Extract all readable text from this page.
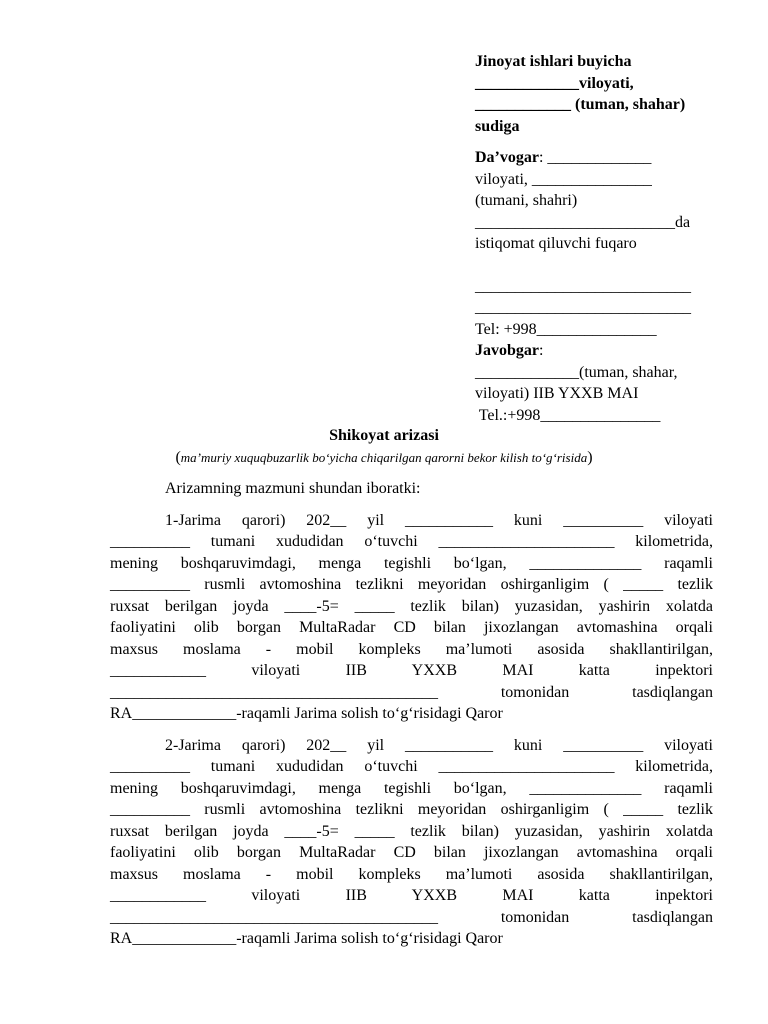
Jinoyat ishlari buyicha
_____________viloyati,
____________ (tuman, shahar)
sudiga
Da’vogar: _____________
viloyati, _______________
(tumani, shahri)
_________________________da
istiqomat qiluvchi fuqaro
___________________________
___________________________
Tel: +998_______________
Javobgar:
_____________(tuman, shahar,
viloyati) IIB YXXB MAI
Tel.:+998_______________
Shikoyat arizasi
(ma’muriy xuquqbuzarlik bo‘yicha chiqarilgan qarorni bekor kilish to‘g‘risida)

Arizamning mazmuni shundan iboratki:

1-Jarima qarori) 202__ yil ___________ kuni __________ viloyati
__________ tumani xududidan o‘tuvchi ______________________ kilometrida,
mening boshqaruvimdagi, menga tegishli bo‘lgan, ______________ raqamli
__________ rusmli avtomoshina tezlikni meyoridan oshirganligim ( _____ tezlik
ruxsat berilgan joyda ____-5= _____ tezlik bilan) yuzasidan, yashirin xolatda
faoliyatini olib borgan MultaRadar CD bilan jixozlangan avtomashina orqali
maxsus moslama - mobil kompleks ma’lumoti asosida shakllantirilgan,
____________ viloyati IIB YXXB MAI katta inpektori
_________________________________________ tomonidan tasdiqlangan
RA_____________-raqamli Jarima solish to‘g‘risidagi Qaror
2-Jarima qarori) 202__ yil ___________ kuni __________ viloyati
__________ tumani xududidan o‘tuvchi ______________________ kilometrida,
mening boshqaruvimdagi, menga tegishli bo‘lgan, ______________ raqamli
__________ rusmli avtomoshina tezlikni meyoridan oshirganligim ( _____ tezlik
ruxsat berilgan joyda ____-5= _____ tezlik bilan) yuzasidan, yashirin xolatda
faoliyatini olib borgan MultaRadar CD bilan jixozlangan avtomashina orqali
maxsus moslama - mobil kompleks ma’lumoti asosida shakllantirilgan,
____________ viloyati IIB YXXB MAI katta inpektori
_________________________________________ tomonidan tasdiqlangan
RA_____________-raqamli Jarima solish to‘g‘risidagi Qaror
